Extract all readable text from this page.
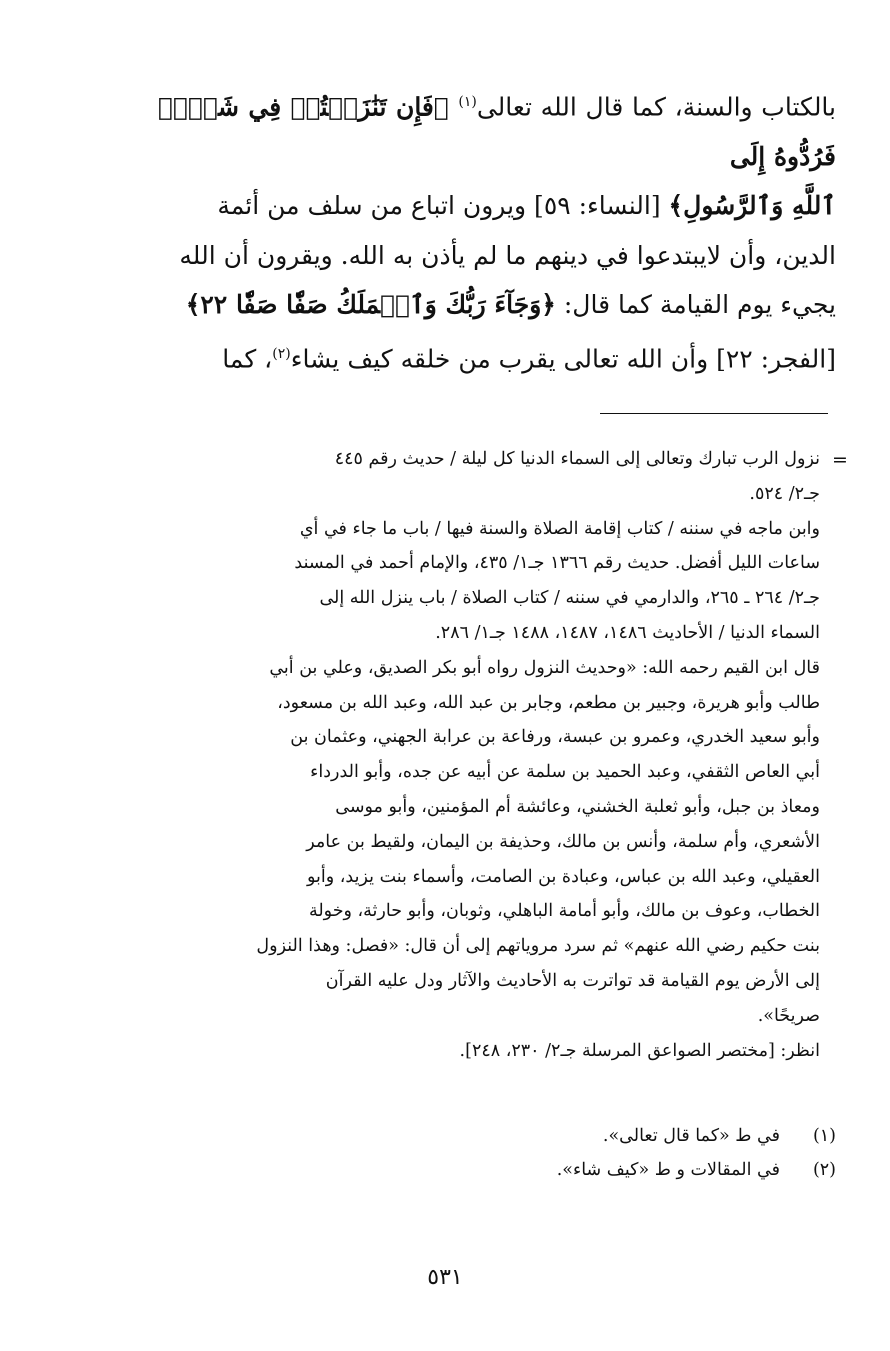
بالكتاب والسنة، كما قال الله تعالى$^{(١)}$ ﴿فَإِن تَنَٰزَعۡتُمۡ فِي شَيۡءٖ فَرُدُّوهُ إِلَى
ٱللَّهِ وَٱلرَّسُولِ﴾ [النساء: ٥٩] ويرون اتباع من سلف من أئمة
الدين، وأن لايبتدعوا في دينهم ما لم يأذن به الله. ويقرون أن الله
يجيء يوم القيامة كما قال: ﴿وَجَآءَ رَبُّكَ وَٱلۡمَلَكُ صَفّٗا صَفّٗا ٢٢﴾
[الفجر: ٢٢] وأن الله تعالى يقرب من خلقه كيف يشاء$^{(٢)}$، كما
=
نزول الرب تبارك وتعالى إلى السماء الدنيا كل ليلة / حديث رقم ٤٤٥
جـ٢/ ٥٢٤.
وابن ماجه في سننه / كتاب إقامة الصلاة والسنة فيها / باب ما جاء في أي
ساعات الليل أفضل. حديث رقم ١٣٦٦ جـ١/ ٤٣٥، والإمام أحمد في المسند
جـ٢/ ٢٦٤ ـ ٢٦٥، والدارمي في سننه / كتاب الصلاة / باب ينزل الله إلى
السماء الدنيا / الأحاديث ١٤٨٦، ١٤٨٧، ١٤٨٨ جـ١/ ٢٨٦.
قال ابن القيم رحمه الله: «وحديث النزول رواه أبو بكر الصديق، وعلي بن أبي
طالب وأبو هريرة، وجبير بن مطعم، وجابر بن عبد الله، وعبد الله بن مسعود،
وأبو سعيد الخدري، وعمرو بن عبسة، ورفاعة بن عرابة الجهني، وعثمان بن
أبي العاص الثقفي، وعبد الحميد بن سلمة عن أبيه عن جده، وأبو الدرداء
ومعاذ بن جبل، وأبو ثعلبة الخشني، وعائشة أم المؤمنين، وأبو موسى
الأشعري، وأم سلمة، وأنس بن مالك، وحذيفة بن اليمان، ولقيط بن عامر
العقيلي، وعبد الله بن عباس، وعبادة بن الصامت، وأسماء بنت يزيد، وأبو
الخطاب، وعوف بن مالك، وأبو أمامة الباهلي، وثوبان، وأبو حارثة، وخولة
بنت حكيم رضي الله عنهم» ثم سرد مروياتهم إلى أن قال: «فصل: وهذا النزول
إلى الأرض يوم القيامة قد تواترت به الأحاديث والآثار ودل عليه القرآن
صريحًا».
انظر: [مختصر الصواعق المرسلة جـ٢/ ٢٣٠، ٢٤٨].
(١)
في ط «كما قال تعالى».
(٢)
في المقالات و ط «كيف شاء».
٥٣١
